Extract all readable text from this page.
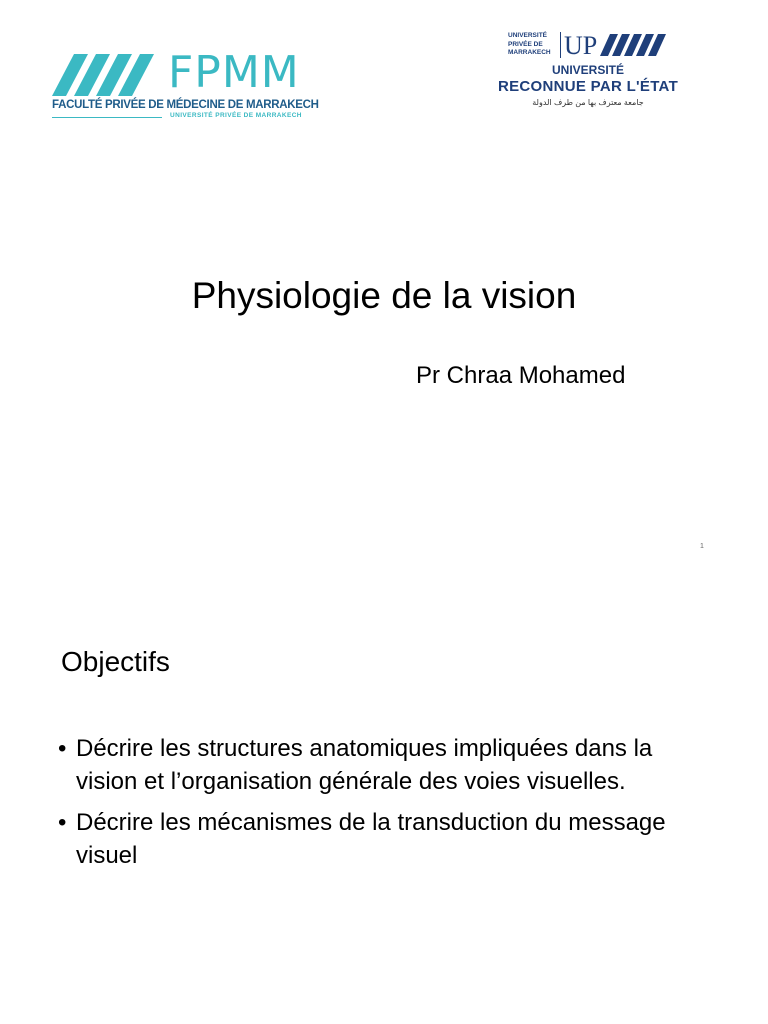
FPMM
FACULTÉ PRIVÉE DE MÉDECINE DE MARRAKECH
UNIVERSITÉ PRIVÉE DE MARRAKECH
UNIVERSITÉ PRIVÉE DE MARRAKECH UP
UNIVERSITÉ
RECONNUE PAR L'ÉTAT
جامعة معترف بها من طرف الدولة
Physiologie de la vision
Pr Chraa Mohamed
1
Objectifs
• Décrire les structures anatomiques impliquées dans la vision et l’organisation générale des voies visuelles.
• Décrire les mécanismes de la transduction du message visuel
